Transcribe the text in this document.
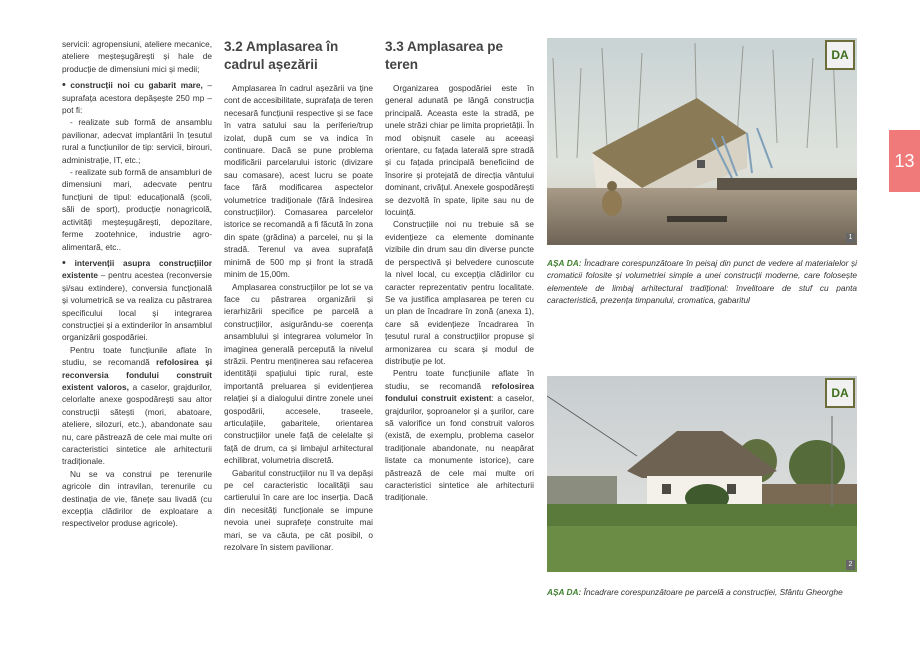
servicii: agropensiuni, ateliere mecanice, ateliere meșteșugărești și hale de producție de dimensiuni mici și medii;

• construcții noi cu gabarit mare, – suprafața acestora depășește 250 mp – pot fi:

- realizate sub formă de ansamblu pavilionar, adecvat implantării în țesutul rural a funcțiunilor de tip: servicii, birouri, administrație, IT, etc.;

- realizate sub formă de ansambluri de dimensiuni mari, adecvate pentru funcțiuni de tipul: educațională (școli, săli de sport), producție nonagricolă, activități meșteșugărești, depozitare, ferme zootehnice, industrie agro-alimentară, etc..

• intervenții asupra construcțiilor existente – pentru acestea (reconversie și/sau extindere), conversia funcțională și volumetrică se va realiza cu păstrarea specificului local și integrarea construcției și a extinderilor în ansamblul organizării gospodăriei.

Pentru toate funcțiunile aflate în studiu, se recomandă refolosirea și reconversia fondului construit existent valoros, a caselor, grajdurilor, celorlalte anexe gospodărești sau altor construcții sătești (mori, abatoare, ateliere, silozuri, etc.), abandonate sau nu, care păstrează de cele mai multe ori caracteristici sintetice ale arhitecturii tradiționale.

Nu se va construi pe terenurile agricole din intravilan, terenurile cu destinația de vie, fânețe sau livadă (cu excepția clădirilor de exploatare a respectivelor produse agricole).

3.2 Amplasarea în cadrul așezării

Amplasarea în cadrul așezării va ține cont de accesibilitate, suprafața de teren necesară funcțiunii respective și se face în vatra satului sau la periferie/trup izolat, după cum se va indica în continuare. Dacă se pune problema modificării parcelarului istoric (divizare sau comasare), acest lucru se poate face fără modificarea aspectelor volumetrice tradiționale (fără îndesirea construcțiilor). Comasarea parcelelor istorice se recomandă a fi făcută în zona din spate (grădina) a parcelei, nu și la stradă. Terenul va avea suprafață minimă de 500 mp și front la stradă minim de 15,00m.

Amplasarea construcțiilor pe lot se va face cu păstrarea organizării și ierarhizării specifice pe parcelă a construcțiilor, asigurându-se coerența ansamblului și integrarea volumelor în imaginea generală percepută la nivelul străzii. Pentru menținerea sau refacerea identității spațiului tipic rural, este importantă preluarea și evidențierea relației și a dialogului dintre zonele unei gospodării, accesele, traseele, articulațiile, gabaritele, orientarea construcțiilor unele față de celelalte și față de drum, ca și limbajul arhitectural echilibrat, volumetria discretă.

Gabaritul construcțiilor nu îl va depăși pe cel caracteristic localității sau cartierului în care are loc inserția. Dacă din necesități funcționale se impune nevoia unei suprafețe construite mai mari, se va căuta, pe cât posibil, o rezolvare în sistem pavilionar.

3.3 Amplasarea pe teren

Organizarea gospodăriei este în general adunată pe lângă construcția principală. Aceasta este la stradă, pe unele străzi chiar pe limita proprietății. În mod obișnuit casele au aceeași orientare, cu fațada laterală spre stradă și cu fațada principală beneficiind de însorire și protejată de direcția vântului dominant, crivățul. Anexele gospodărești se dezvoltă în spate, lipite sau nu de locuință.

Construcțiile noi nu trebuie să se evidențieze ca elemente dominante vizibile din drum sau din diverse puncte de perspectivă și belvedere cunoscute la nivel local, cu excepția clădirilor cu caracter reprezentativ pentru localitate. Se va justifica amplasarea pe teren cu un plan de încadrare în zonă (anexa 1), care să evidențieze încadrarea în țesutul rural a construcțiilor propuse și armonizarea cu scara și modul de distribuție pe lot.

Pentru toate funcțiunile aflate în studiu, se recomandă refolosirea fondului construit existent: a caselor, grajdurilor, șoproanelor și a șurilor, care să valorifice un fond construit valoros (există, de exemplu, problema caselor tradiționale abandonate, nu neapărat listate ca monumente istorice), care păstrează de cele mai multe ori caracteristici sintetice ale arhitecturii tradiționale.

DA
1
AȘA DA: Încadrare corespunzătoare în peisaj din punct de vedere al materialelor și cromaticii folosite și volumetriei simple a unei construcții moderne, care folosește elementele de limbaj arhitectural tradițional: învelitoare de stuf cu panta caracteristică, prezența timpanului, cromatica, gabaritul
DA
2
AȘA DA: Încadrare corespunzătoare pe parcelă a construcției, Sfântu Gheorghe
13
